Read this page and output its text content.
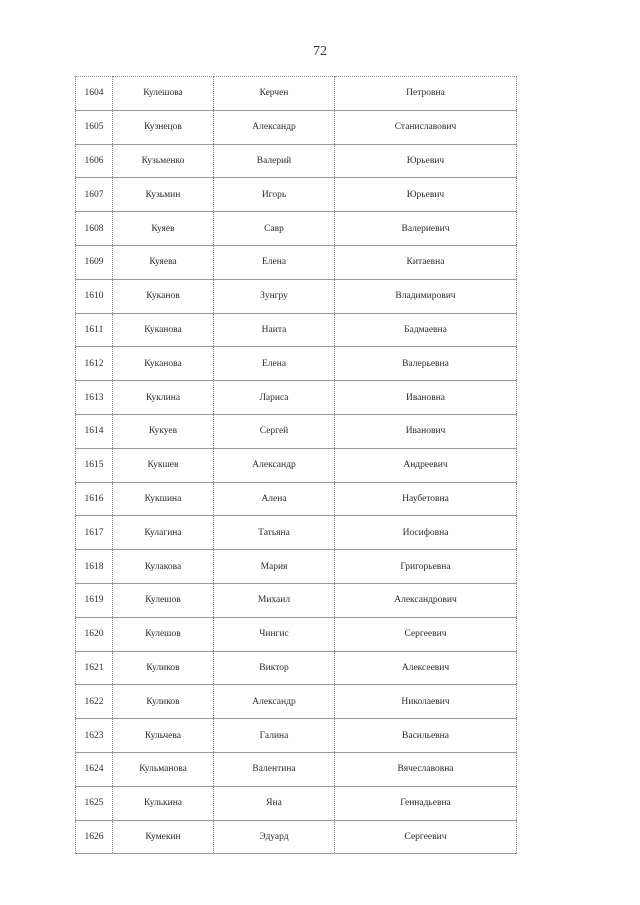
72
1604	Кулешова	Керчен	Петровна
1605	Кузнецов	Александр	Станиславович
1606	Кузьменко	Валерий	Юрьевич
1607	Кузьмин	Игорь	Юрьевич
1608	Куяев	Савр	Валериевич
1609	Куяева	Елена	Китаевна
1610	Куканов	Зунгру	Владимирович
1611	Куканова	Наита	Бадмаевна
1612	Куканова	Елена	Валерьевна
1613	Куклина	Лариса	Ивановна
1614	Кукуев	Сергей	Иванович
1615	Кукшев	Александр	Андреевич
1616	Кукшина	Алена	Наубетовна
1617	Кулагина	Татьяна	Иосифовна
1618	Кулакова	Мария	Григорьевна
1619	Кулешов	Михаил	Александрович
1620	Кулешов	Чингис	Сергеевич
1621	Куликов	Виктор	Алексеевич
1622	Куликов	Александр	Николаевич
1623	Кульчева	Галина	Васильевна
1624	Кульманова	Валентина	Вячеславовна
1625	Кулькина	Яна	Геннадьевна
1626	Кумекин	Эдуард	Сергеевич
